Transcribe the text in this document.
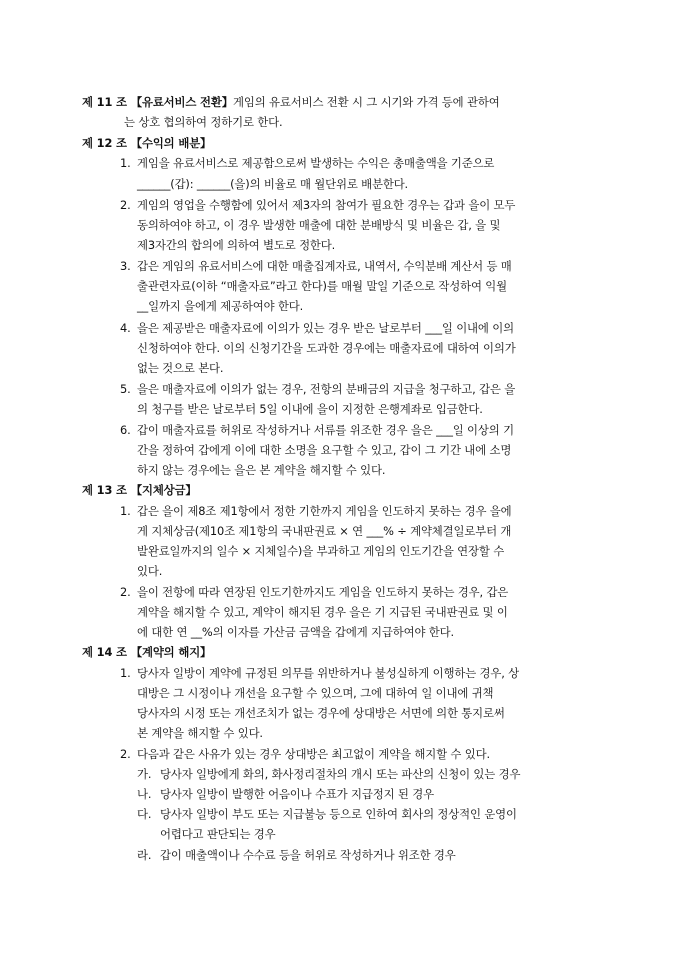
제 11 조 【유료서비스 전환】게임의 유료서비스 전환 시 그 시기와 가격 등에 관하여
는 상호 협의하여 정하기로 한다.
제 12 조 【수익의 배분】
1. 게임을 유료서비스로 제공함으로써 발생하는 수익은 총매출액을 기준으로
______(갑): ______(을)의 비율로 매 월단위로 배분한다.
2. 게임의 영업을 수행함에 있어서 제3자의 참여가 필요한 경우는 갑과 을이 모두
동의하여야 하고, 이 경우 발생한 매출에 대한 분배방식 및 비율은 갑, 을 및
제3자간의 합의에 의하여 별도로 정한다.
3. 갑은 게임의 유료서비스에 대한 매출집계자료, 내역서, 수익분배 계산서 등 매
출관련자료(이하 “매출자료”라고 한다)를 매월 말일 기준으로 작성하여 익월
__일까지 을에게 제공하여야 한다.
4. 을은 제공받은 매출자료에 이의가 있는 경우 받은 날로부터 ___일 이내에 이의
신청하여야 한다. 이의 신청기간을 도과한 경우에는 매출자료에 대하여 이의가
없는 것으로 본다.
5. 을은 매출자료에 이의가 없는 경우, 전항의 분배금의 지급을 청구하고, 갑은 을
의 청구를 받은 날로부터 5일 이내에 을이 지정한 은행계좌로 입금한다.
6. 갑이 매출자료를 허위로 작성하거나 서류를 위조한 경우 을은 ___일 이상의 기
간을 정하여 갑에게 이에 대한 소명을 요구할 수 있고, 갑이 그 기간 내에 소명
하지 않는 경우에는 을은 본 계약을 해지할 수 있다.
제 13 조 【지체상금】
1. 갑은 을이 제8조 제1항에서 정한 기한까지 게임을 인도하지 못하는 경우 을에
게 지체상금(제10조 제1항의 국내판권료 × 연 ___% ÷ 계약체결일로부터 개
발완료일까지의 일수 × 지체일수)을 부과하고 게임의 인도기간을 연장할 수
있다.
2. 을이 전항에 따라 연장된 인도기한까지도 게임을 인도하지 못하는 경우, 갑은
계약을 해지할 수 있고, 계약이 해지된 경우 을은 기 지급된 국내판권료 및 이
에 대한 연 __%의 이자를 가산금 금액을 갑에게 지급하여야 한다.
제 14 조 【계약의 해지】
1. 당사자 일방이 계약에 규정된 의무를 위반하거나 불성실하게 이행하는 경우, 상
대방은 그 시정이나 개선을 요구할 수 있으며, 그에 대하여 일 이내에 귀책
당사자의 시정 또는 개선조치가 없는 경우에 상대방은 서면에 의한 통지로써
본 계약을 해지할 수 있다.
2. 다음과 같은 사유가 있는 경우 상대방은 최고없이 계약을 해지할 수 있다.
가. 당사자 일방에게 화의, 화사정리절차의 개시 또는 파산의 신청이 있는 경우
나. 당사자 일방이 발행한 어음이나 수표가 지급정지 된 경우
다. 당사자 일방이 부도 또는 지급불능 등으로 인하여 회사의 정상적인 운영이
어렵다고 판단되는 경우
라. 갑이 매출액이나 수수료 등을 허위로 작성하거나 위조한 경우
